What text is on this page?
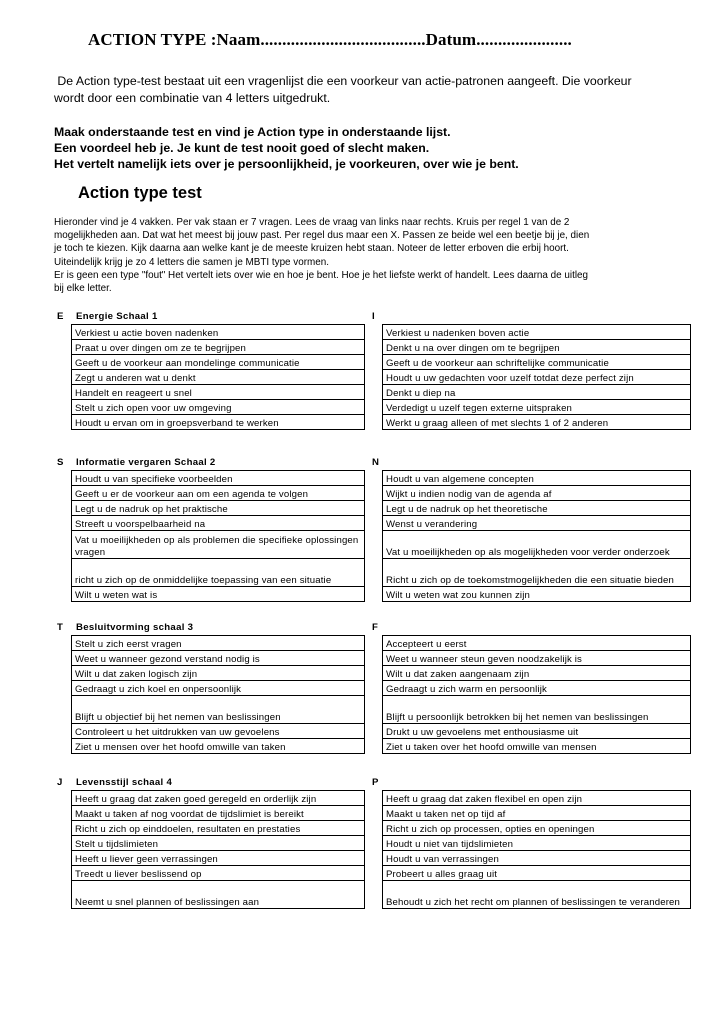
ACTION TYPE :Naam......................................Datum......................
De Action type-test bestaat uit een vragenlijst die een voorkeur van actie-patronen aangeeft. Die voorkeur
wordt door een combinatie van 4 letters uitgedrukt.
Maak onderstaande test en vind je Action type in onderstaande lijst.
Een voordeel heb je. Je kunt de test nooit goed of slecht maken.
Het vertelt namelijk iets over je persoonlijkheid, je voorkeuren, over wie je bent.
Action type test
Hieronder vind je 4 vakken. Per vak staan er 7 vragen. Lees de vraag van links naar rechts. Kruis per regel 1 van de 2
mogelijkheden aan. Dat wat het meest bij jouw past. Per regel dus maar een X. Passen ze beide wel een beetje bij je, dien
je toch te kiezen. Kijk daarna aan welke kant je de meeste kruizen hebt staan. Noteer de letter erboven die erbij hoort.
Uiteindelijk krijg je zo 4 letters die samen je MBTI type vormen.
Er is geen een type "fout" Het vertelt iets over wie en hoe je bent. Hoe je het liefste werkt of handelt. Lees daarna de uitleg
bij elke letter.
E Energie Schaal 1	I
Verkiest u actie boven nadenken		Verkiest u nadenken boven actie
Praat u over dingen om ze te begrijpen		Denkt u na over dingen om te begrijpen
Geeft u de voorkeur aan mondelinge communicatie		Geeft u de voorkeur aan schriftelijke communicatie
Zegt u anderen wat u denkt		Houdt u uw gedachten voor uzelf totdat deze perfect zijn
Handelt en reageert u snel		Denkt u diep na
Stelt u zich open voor uw omgeving		Verdedigt u uzelf tegen externe uitspraken
Houdt u ervan om in groepsverband te werken		Werkt u graag alleen of met slechts 1 of 2 anderen
S Informatie vergaren Schaal 2	N
Houdt u van specifieke voorbeelden		Houdt u van algemene concepten
Geeft u er de voorkeur aan om een agenda te volgen		Wijkt u indien nodig van de agenda af
Legt u de nadruk op het praktische		Legt u de nadruk op het theoretische
Streeft u voorspelbaarheid na		Wenst u verandering
Vat u moeilijkheden op als problemen die specifieke oplossingen vragen		Vat u moeilijkheden op als mogelijkheden voor verder onderzoek
richt u zich op de onmiddelijke toepassing van een situatie		Richt u zich op de toekomstmogelijkheden die een situatie bieden
Wilt u weten wat is		Wilt u weten wat zou kunnen zijn
T Besluitvorming schaal 3	F
Stelt u zich eerst vragen		Accepteert u eerst
Weet u wanneer gezond verstand nodig is		Weet u wanneer steun geven noodzakelijk is
Wilt u dat zaken logisch zijn		Wilt u dat zaken aangenaam zijn
Gedraagt u zich koel en onpersoonlijk		Gedraagt u zich warm en persoonlijk
Blijft u objectief bij het nemen van beslissingen		Blijft u persoonlijk betrokken bij het nemen van beslissingen
Controleert u het uitdrukken van uw gevoelens		Drukt u uw gevoelens met enthousiasme uit
Ziet u mensen over het hoofd omwille van taken		Ziet u taken over het hoofd omwille van mensen
J Levensstijl schaal 4	P
Heeft u graag dat zaken goed geregeld en orderlijk zijn		Heeft u graag dat zaken flexibel en open zijn
Maakt u taken af nog voordat de tijdslimiet is bereikt		Maakt u taken net op tijd af
Richt u zich op einddoelen, resultaten en prestaties		Richt u zich op processen, opties en openingen
Stelt u tijdslimieten		Houdt u niet van tijdslimieten
Heeft u liever geen verrassingen		Houdt u van verrassingen
Treedt u liever beslissend op		Probeert u alles graag uit
Neemt u snel plannen of beslissingen aan		Behoudt u zich het recht om plannen of beslissingen te veranderen
